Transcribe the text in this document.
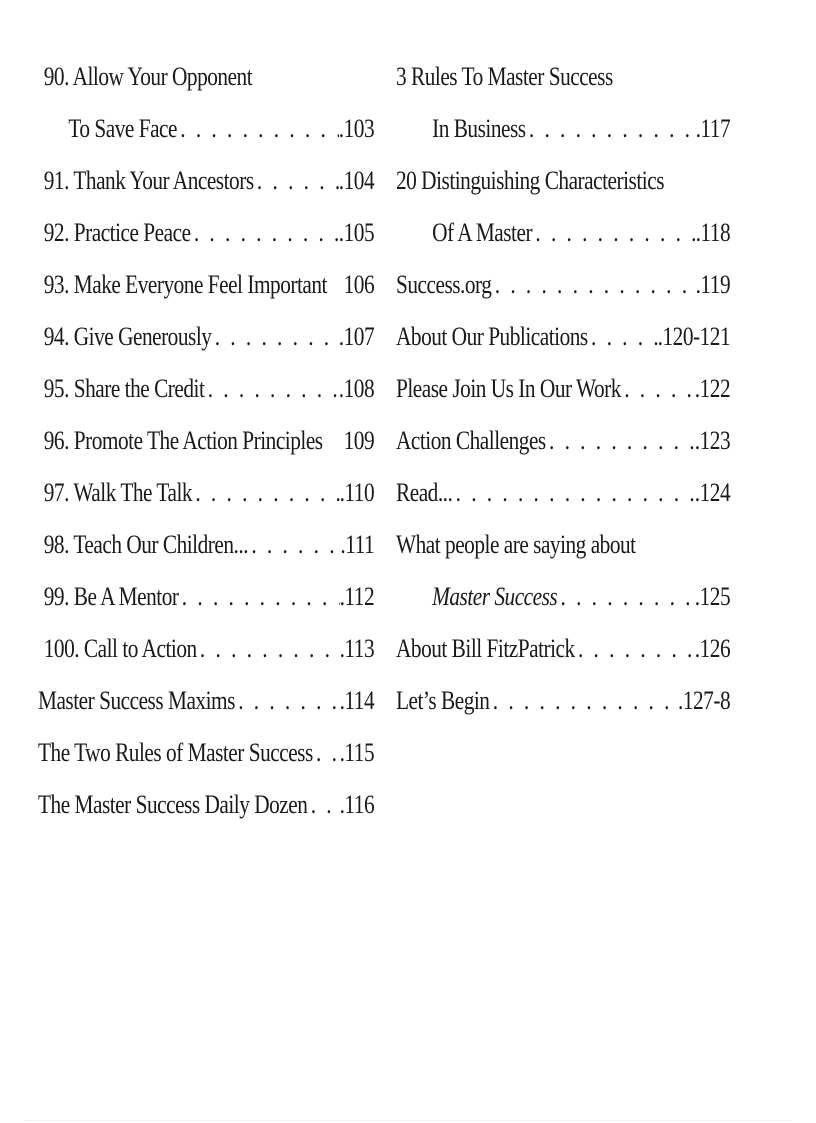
90. Allow Your Opponent
To Save Face . . .	.103
91. Thank Your Ancestors . . .	.104
92. Practice Peace . . .	.105
93. Make Everyone Feel Important 106
94. Give Generously . . .	.107
95. Share the Credit . . .	.108
96. Promote The Action Principles 109
97. Walk The Talk . . .	.110
98. Teach Our Children... . . .	.111
99. Be A Mentor . . .	.112
100. Call to Action . . .	.113
Master Success Maxims . . .	.114
The Two Rules of Master Success . . . .115
The Master Success Daily Dozen . . . .116
3 Rules To Master Success
In Business . . .	.117
20 Distinguishing Characteristics
Of A Master . . .	.118
Success.org . . .	.119
About Our Publications . . .	.120-121
Please Join Us In Our Work . . .	.122
Action Challenges . . .	.123
Read... . . .	.124
What people are saying about
Master Success . . .	.125
About Bill FitzPatrick . . .	.126
Let’s Begin . . .	.127-8
